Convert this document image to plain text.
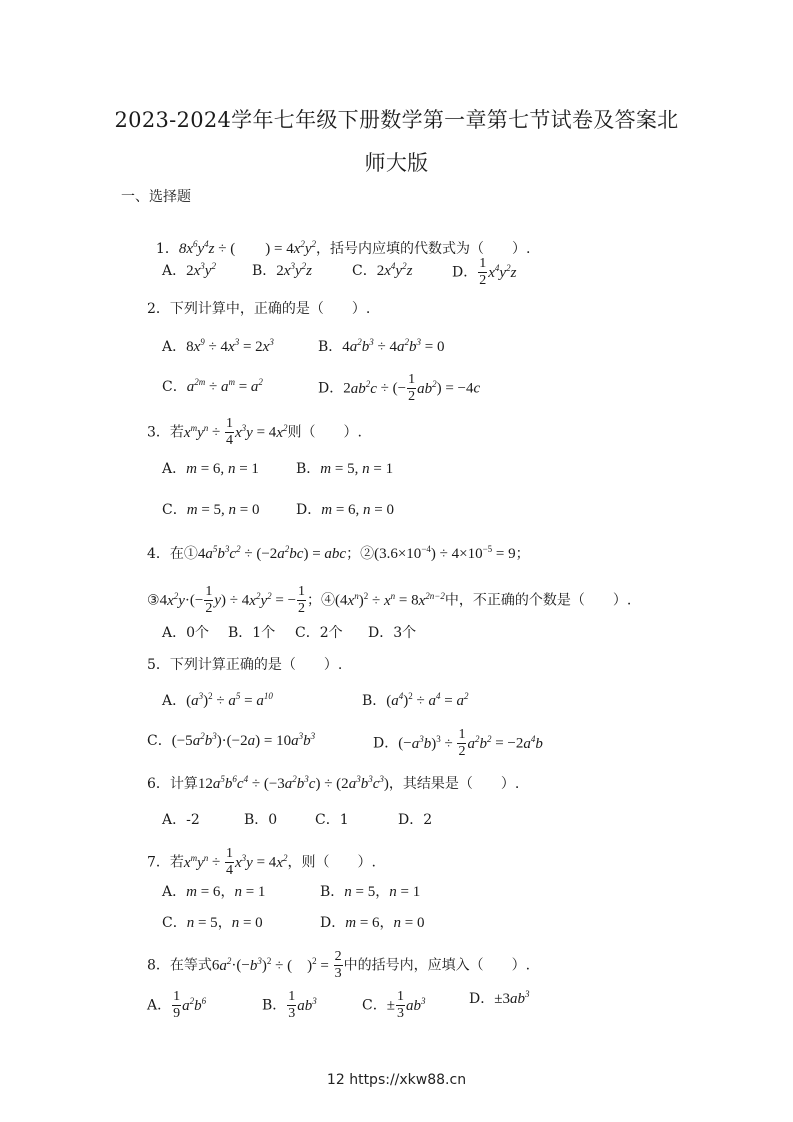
2023-2024学年七年级下册数学第一章第七节试卷及答案北
师大版
一、选择题

1．$8x^6y^4z$ ÷ (　　) = $4x^2y^2$，括号内应填的代数式为（　　）.

A．$2x^3y^2$	B．$2x^3y^2z$	C．$2x^4y^2z$	D． $\frac{1}{2} x^4y^2z$
2．下列计算中，正确的是（　　）.
A．$8x^9 \div 4x^3 = 2x^3$	B．$4a^2b^3 \div 4a^2b^3 = 0$
C．$a^{2m} \div a^m = a^2$	D．$2ab^2c$ ÷ (− $\frac{1}{2} ab^2) = -4c$
3．若$x^my^n \div \frac{1}{4} x^3y = 4x^2$则（　　）.
A．m = 6, n = 1	B．m = 5, n = 1
C．m = 5, n = 0	D．m = 6, n = 0
4．在$①4a^5b^3c^2 \div (-2a^2bc)$ = abc；$②(3.6\times 10^{-4}) \div 4\times 10^{-5} = 9$；
$③4x^2y\cdot(- \frac{1}{2} y) \div 4x^2y^2$ = − $\frac{1}{2}$ ；$④(4x^n)^2 \div x^n = 8x^{2n-2}$中，不正确的个数是（　　）.
A．0个 B．1个 C．2个 D．3个
5．下列计算正确的是（　　）.
A．$(a^3)^2 \div a^5 = a^{10}$	B．$(a^4)^2 \div a^4 = a^2$
C．$(-5a^2b^3)\cdot(-2a) = 10a^3b^3$	D．$(-a^3b)^3 \div \frac{1}{2} a^2b^2 = -2a^4b$
6．计算$12a^5b^6c^4 \div (-3a^2b^3c) \div (2a^3b^3c^3)$，其结果是（　　）.
A．-2	B．0	C．1	D．2
7．若$x^my^n \div \frac{1}{4} x^3y = 4x^2$，则（　　）.
A．m = 6，n = 1	B．n = 5，n = 1
C．n = 5，n = 0	D．m = 6，n = 0
8．在等式$6a^2\cdot(-b^3)^2$ ÷ (　)$^2 = \frac{2}{3}$ 中的括号内，应填入（　　）.
A． $\frac{1}{9} a^2b^6$	B． $\frac{1}{3} ab^3$	C．± $\frac{1}{3} ab^3$	D．$\pm 3ab^3$
12 https://xkw88.cn
